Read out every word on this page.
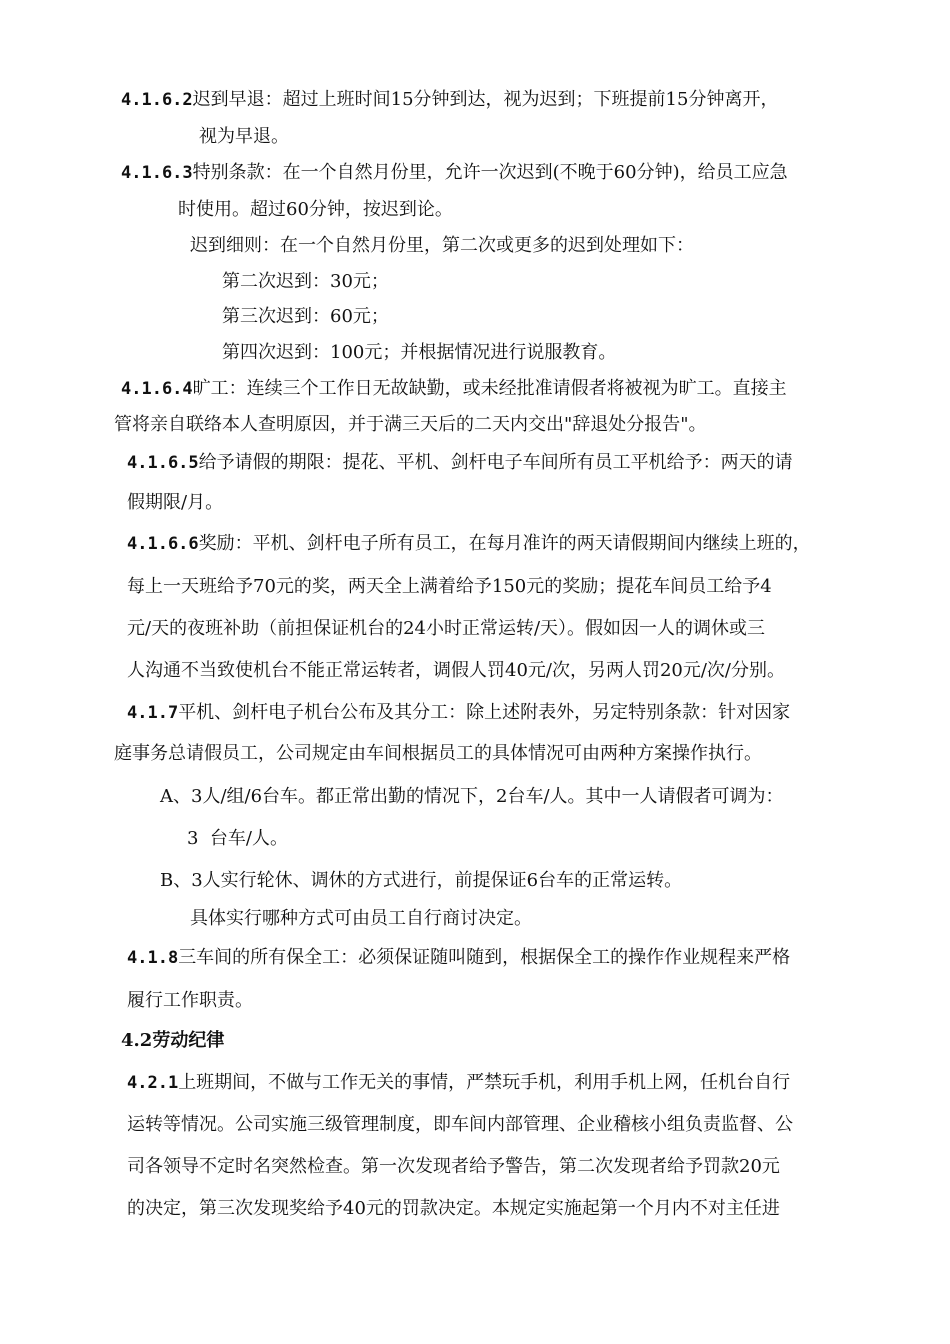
4.1.6.2迟到早退：超过上班时间15分钟到达，视为迟到；下班提前15分钟离开，
视为早退。
4.1.6.3特别条款：在一个自然月份里，允许一次迟到(不晚于60分钟)，给员工应急
时使用。超过60分钟，按迟到论。
迟到细则：在一个自然月份里，第二次或更多的迟到处理如下：
第二次迟到：30元；
第三次迟到：60元；
第四次迟到：100元；并根据情况进行说服教育。
4.1.6.4旷工：连续三个工作日无故缺勤，或未经批准请假者将被视为旷工。直接主
管将亲自联络本人查明原因，并于满三天后的二天内交出"辞退处分报告"。
4.1.6.5给予请假的期限：提花、平机、剑杆电子车间所有员工平机给予：两天的请
假期限/月。
4.1.6.6奖励：平机、剑杆电子所有员工，在每月准许的两天请假期间内继续上班的，
每上一天班给予70元的奖，两天全上满着给予150元的奖励；提花车间员工给予4
元/天的夜班补助（前担保证机台的24小时正常运转/天）。假如因一人的调休或三
人沟通不当致使机台不能正常运转者，调假人罚40元/次，另两人罚20元/次/分别。
4.1.7平机、剑杆电子机台公布及其分工：除上述附表外，另定特别条款：针对因家
庭事务总请假员工，公司规定由车间根据员工的具体情况可由两种方案操作执行。
A、3人/组/6台车。都正常出勤的情况下，2台车/人。其中一人请假者可调为：
3  台车/人。
B、3人实行轮休、调休的方式进行，前提保证6台车的正常运转。
具体实行哪种方式可由员工自行商讨决定。
4.1.8三车间的所有保全工：必须保证随叫随到，根据保全工的操作作业规程来严格
履行工作职责。
4.2劳动纪律
4.2.1上班期间，不做与工作无关的事情，严禁玩手机，利用手机上网，任机台自行
运转等情况。公司实施三级管理制度，即车间内部管理、企业稽核小组负责监督、公
司各领导不定时名突然检查。第一次发现者给予警告，第二次发现者给予罚款20元
的决定，第三次发现奖给予40元的罚款决定。本规定实施起第一个月内不对主任进
